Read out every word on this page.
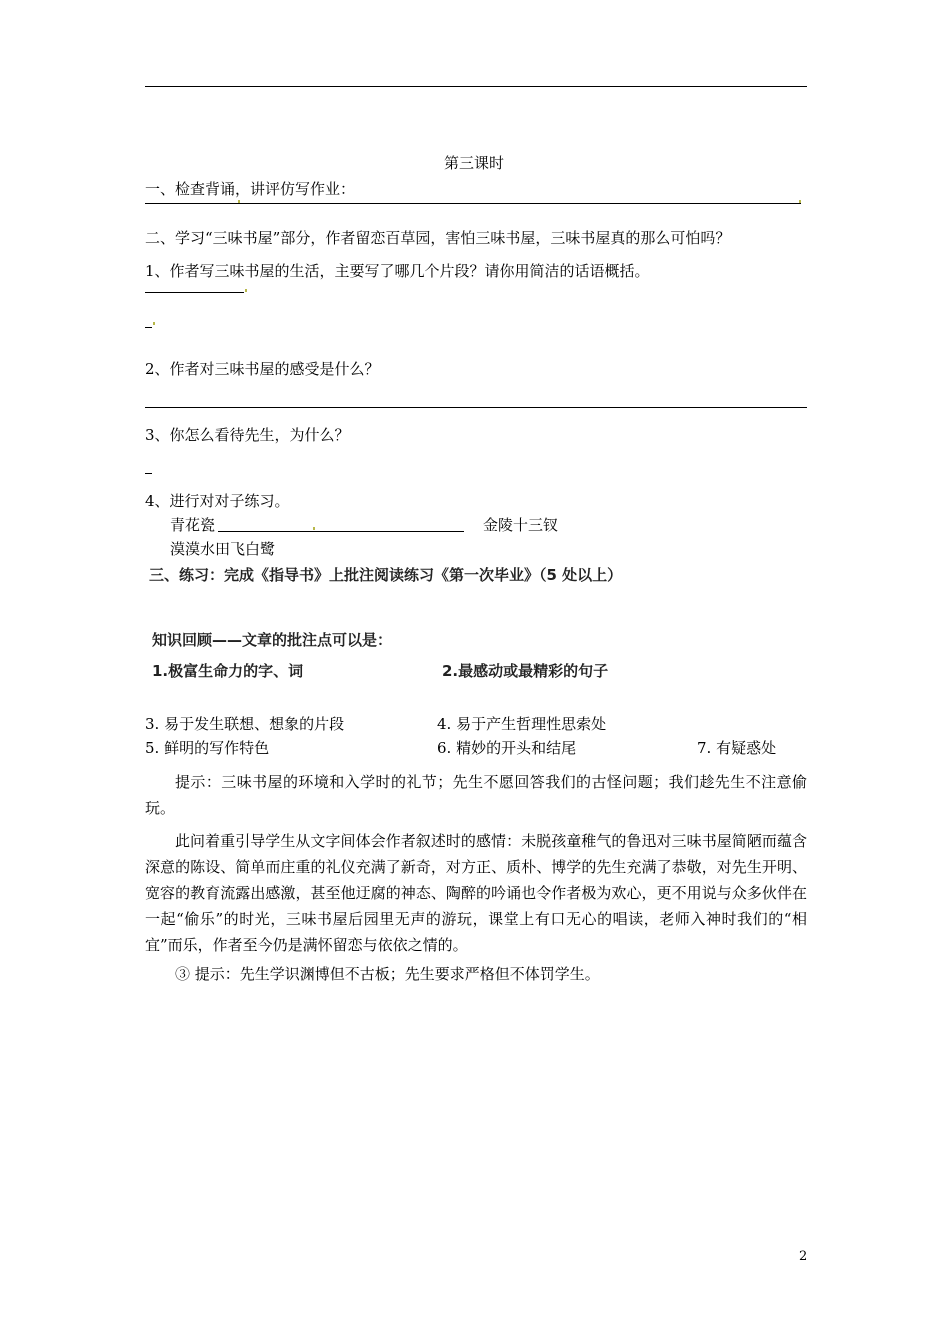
第三课时
一、检查背诵，讲评仿写作业：
二、学习“三味书屋”部分，作者留恋百草园，害怕三味书屋，三味书屋真的那么可怕吗？
1、作者写三味书屋的生活，主要写了哪几个片段？请你用简洁的话语概括。
2、作者对三味书屋的感受是什么？
3、你怎么看待先生，为什么？
4、进行对对子练习。
青花瓷	金陵十三钗
漠漠水田飞白鹭
三、练习：完成《指导书》上批注阅读练习《第一次毕业》（5 处以上）
知识回顾——文章的批注点可以是：
1.极富生命力的字、词	2.最感动或最精彩的句子
3. 易于发生联想、想象的片段	4. 易于产生哲理性思索处
5. 鲜明的写作特色	6. 精妙的开头和结尾	7. 有疑惑处
提示：三味书屋的环境和入学时的礼节；先生不愿回答我们的古怪问题；我们趁先生不注意偷玩。
此问着重引导学生从文字间体会作者叙述时的感情：未脱孩童稚气的鲁迅对三味书屋简陋而蕴含深意的陈设、简单而庄重的礼仪充满了新奇，对方正、质朴、博学的先生充满了恭敬，对先生开明、宽容的教育流露出感激，甚至他迂腐的神态、陶醉的吟诵也令作者极为欢心，更不用说与众多伙伴在一起“偷乐”的时光，三味书屋后园里无声的游玩，课堂上有口无心的唱读，老师入神时我们的“相宜”而乐，作者至今仍是满怀留恋与依依之情的。
③ 提示：先生学识渊博但不古板；先生要求严格但不体罚学生。
2
